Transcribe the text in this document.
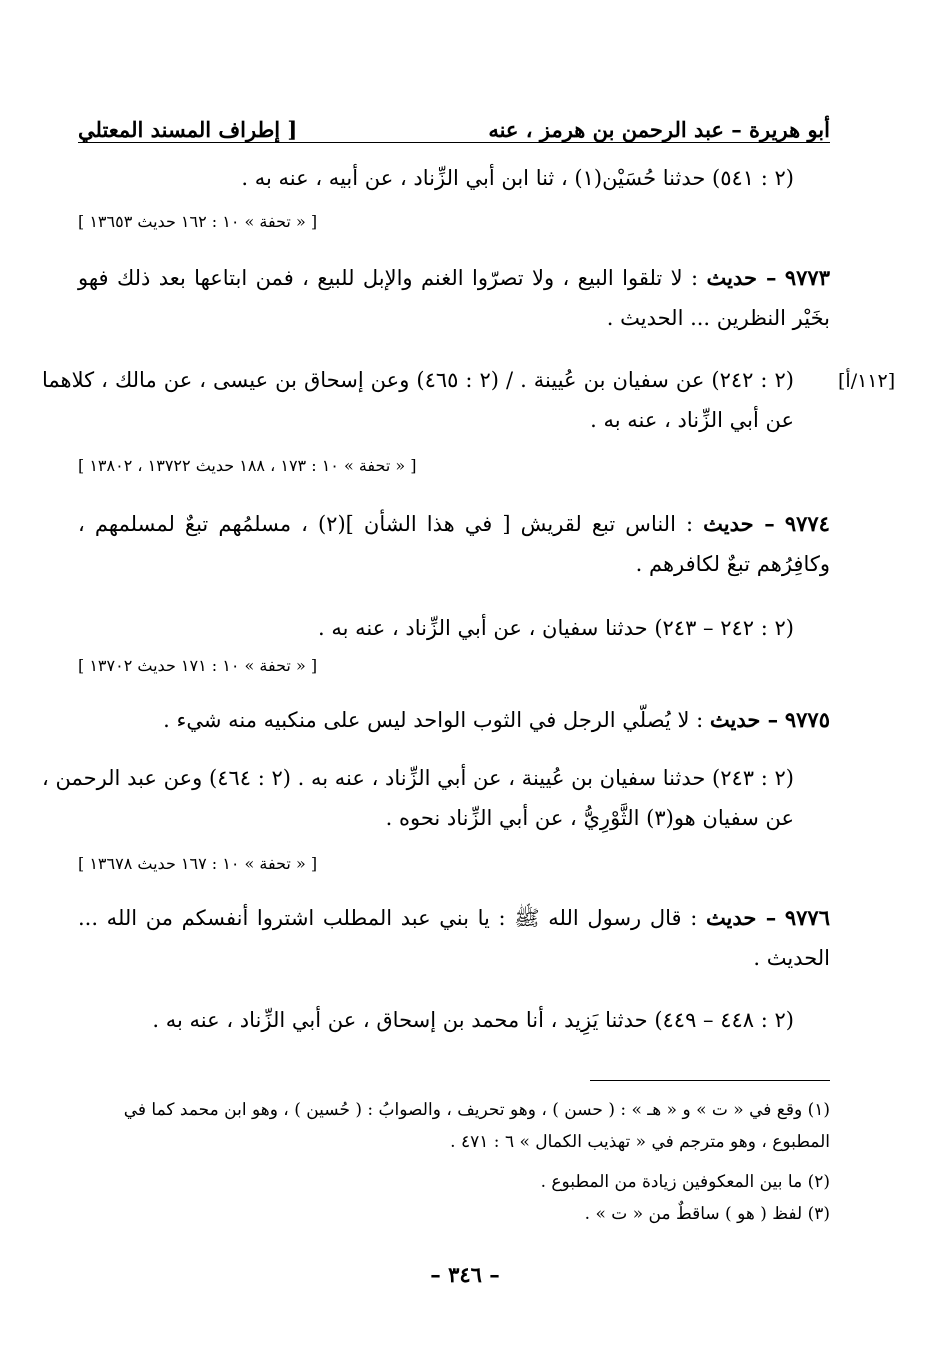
أبو هريرة – عبد الرحمن بن هرمز ، عنه
[ إطراف المسند المعتلي
(٢ : ٥٤١) حدثنا حُسَيْن(١) ، ثنا ابن أبي الزِّناد ، عن أبيه ، عنه به .
[ « تحفة » ١٠ : ١٦٢ حديث ١٣٦٥٣ ]
٩٧٧٣ – حديث : لا تلقوا البيع ، ولا تصرّوا الغنم والإبل للبيع ، فمن ابتاعها بعد ذلك فهو بخَيْر النظرين ... الحديث .
[١١٢/أ]
(٢ : ٢٤٢) عن سفيان بن عُيينة . / (٢ : ٤٦٥) وعن إسحاق بن عيسى ، عن مالك ، كلاهما عن أبي الزِّناد ، عنه به .
[ « تحفة » ١٠ : ١٧٣ ، ١٨٨ حديث ١٣٧٢٢ ، ١٣٨٠٢ ]
٩٧٧٤ – حديث : الناس تبع لقريش [ في هذا الشأن ](٢) ، مسلمُهم تبعٌ لمسلمهم ، وكافِرُهم تبعٌ لكافرهم .
(٢ : ٢٤٢ – ٢٤٣) حدثنا سفيان ، عن أبي الزِّناد ، عنه به .
[ « تحفة » ١٠ : ١٧١ حديث ١٣٧٠٢ ]
٩٧٧٥ – حديث : لا يُصلّي الرجل في الثوب الواحد ليس على منكبيه منه شيء .
(٢ : ٢٤٣) حدثنا سفيان بن عُيينة ، عن أبي الزِّناد ، عنه به . (٢ : ٤٦٤) وعن عبد الرحمن ، عن سفيان هو(٣) الثَّوْرِيُّ ، عن أبي الزِّناد نحوه .
[ « تحفة » ١٠ : ١٦٧ حديث ١٣٦٧٨ ]
٩٧٧٦ – حديث : قال رسول الله ﷺ : يا بني عبد المطلب اشتروا أنفسكم من الله ... الحديث .
(٢ : ٤٤٨ – ٤٤٩) حدثنا يَزِيد ، أنا محمد بن إسحاق ، عن أبي الزِّناد ، عنه به .
(١) وقع في « ت » و « هـ » : ( حسن ) ، وهو تحريف ، والصوابُ : ( حُسين ) ، وهو ابن محمد كما في المطبوع ، وهو مترجم في « تهذيب الكمال » ٦ : ٤٧١ .
(٢) ما بين المعكوفين زيادة من المطبوع .
(٣) لفظ ( هو ) ساقطٌ من « ت » .
– ٣٤٦ –
